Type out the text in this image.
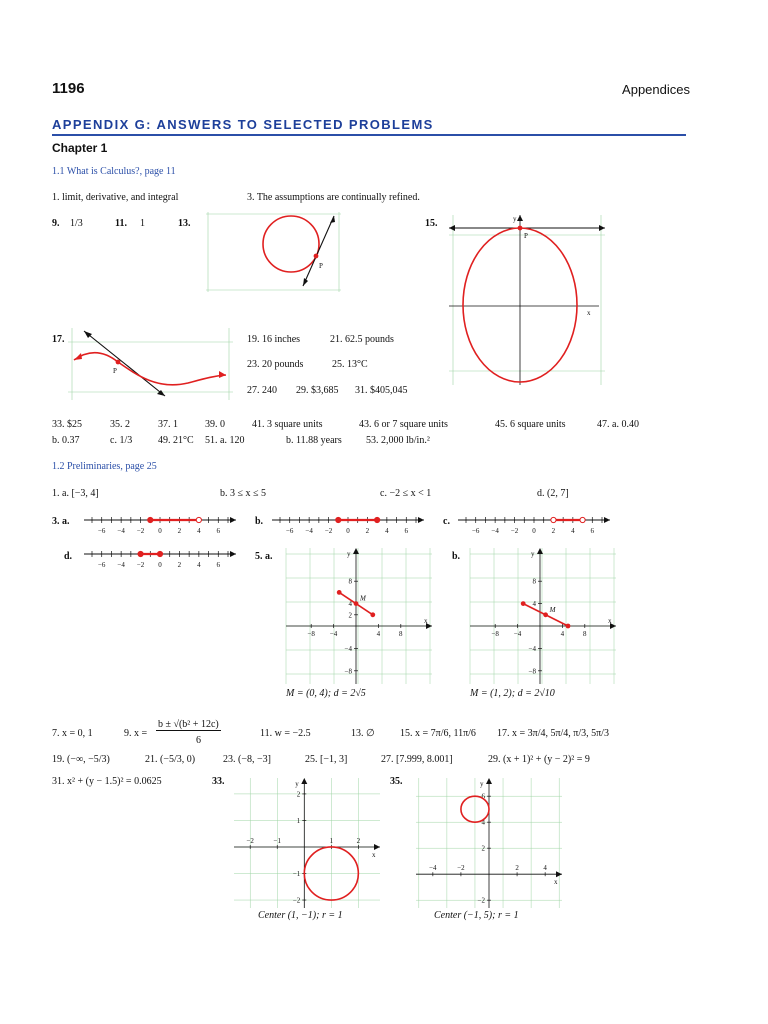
1196	Appendices
APPENDIX G: ANSWERS TO SELECTED PROBLEMS
Chapter 1
1.1 What is Calculus?, page 11
1. limit, derivative, and integral	3. The assumptions are continually refined.
9. 1/3	11. 1	13.	15.
P
y
P
x
17.
P
19. 16 inches	21. 62.5 pounds
23. 20 pounds	25. 13°C
27. 240 29. $3,685 31. $405,045
33. $25	35. 2	37. 1	39. 0	41. 3 square units	43. 6 or 7 square units	45. 6 square units	47. a. 0.40
b. 0.37	c. 1/3	49. 21°C 51. a. 120	b. 11.88 years 53. 2,000 lb/in.²
1.2 Preliminaries, page 25
1. a. [−3, 4]	b. 3 ≤ x ≤ 5	c. −2 ≤ x < 1	d. (2, 7]
3. a.	b.	c.
d.
−6 −4 −2 0 2 4 6	−6 −4 −2 0 2 4 6	−6 −4 −2 0 2 4 6
−6 −4 −2 0 2 4 6
5. a.	b.
x
y
−8 −4	4	8
8
4
2
−4
−8
M
x
y
−8 −4	4	8
8
4
−4
−8
M
M = (0, 4); d = 2√5	M = (1, 2); d = 2√10
7. x = 0, 1	9. x =
b ± √(b² + 12c)
6
11. w = −2.5	13. ∅	15. x = 7π/6, 11π/6 17. x = 3π/4, 5π/4, π/3, 5π/3
19. (−∞, −5/3)	21. (−5/3, 0)	23. (−8, −3]	25. [−1, 3]	27. [7.999, 8.001]	29. (x + 1)² + (y − 2)² = 9
31. x² + (y − 1.5)² = 0.0625	33.	35.
x
y
−2	−1	1	2
2
1
−1
−2
x
y
−4	−2	2	4
6
4
2
−2
Center (1, −1); r = 1	Center (−1, 5); r = 1
